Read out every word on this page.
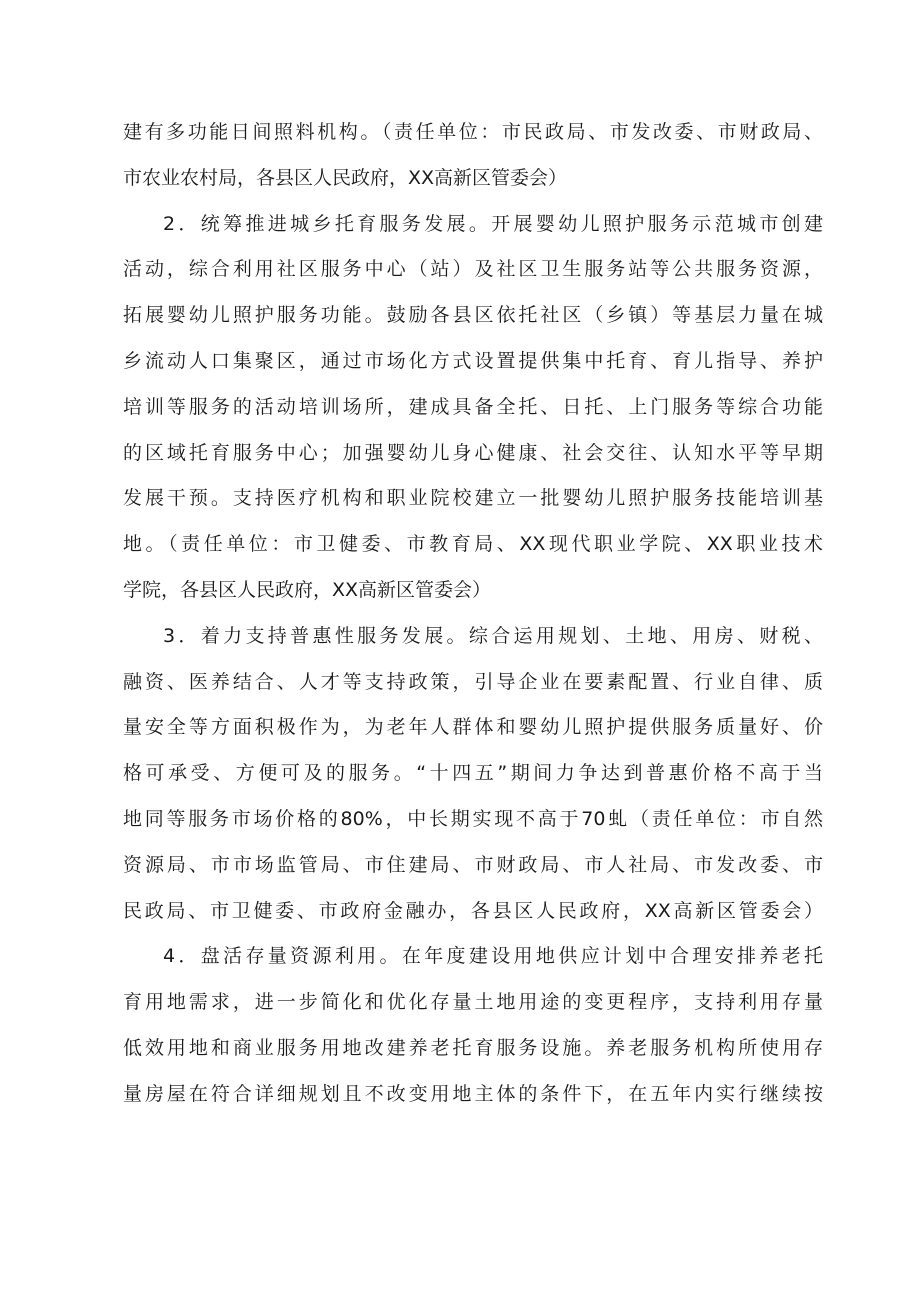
建有多功能日间照料机构。（责任单位：市民政局、市发改委、市财政局、
市农业农村局，各县区人民政府，XX高新区管委会）
2．统筹推进城乡托育服务发展。开展婴幼儿照护服务示范城市创建
活动，综合利用社区服务中心（站）及社区卫生服务站等公共服务资源，
拓展婴幼儿照护服务功能。鼓励各县区依托社区（乡镇）等基层力量在城
乡流动人口集聚区，通过市场化方式设置提供集中托育、育儿指导、养护
培训等服务的活动培训场所，建成具备全托、日托、上门服务等综合功能
的区域托育服务中心；加强婴幼儿身心健康、社会交往、认知水平等早期
发展干预。支持医疗机构和职业院校建立一批婴幼儿照护服务技能培训基
地。（责任单位：市卫健委、市教育局、XX现代职业学院、XX职业技术
学院，各县区人民政府，XX高新区管委会）
3．着力支持普惠性服务发展。综合运用规划、土地、用房、财税、
融资、医养结合、人才等支持政策，引导企业在要素配置、行业自律、质
量安全等方面积极作为，为老年人群体和婴幼儿照护提供服务质量好、价
格可承受、方便可及的服务。“十四五”期间力争达到普惠价格不高于当
地同等服务市场价格的80%，中长期实现不高于70虬（责任单位：市自然
资源局、市市场监管局、市住建局、市财政局、市人社局、市发改委、市
民政局、市卫健委、市政府金融办，各县区人民政府，XX高新区管委会）
4．盘活存量资源利用。在年度建设用地供应计划中合理安排养老托
育用地需求，进一步简化和优化存量土地用途的变更程序，支持利用存量
低效用地和商业服务用地改建养老托育服务设施。养老服务机构所使用存
量房屋在符合详细规划且不改变用地主体的条件下，在五年内实行继续按
